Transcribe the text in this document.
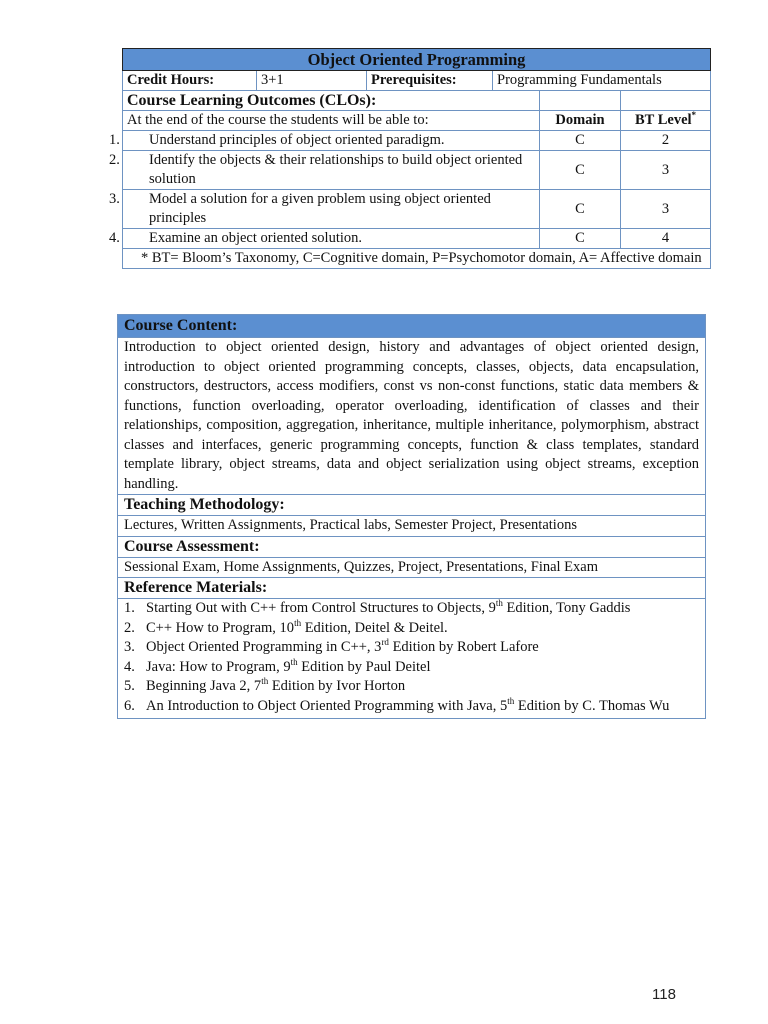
Object Oriented Programming					
Credit Hours:	3+1	Prerequisites:	Programming Fundamentals		
Course Learning Outcomes (CLOs):					
At the end of the course the students will be able to:				Domain	BT Level*

1. Understand principles of object oriented paradigm.				C	2

2. Identify the objects & their relationships to build object oriented solution				C	3

3. Model a solution for a given problem using object oriented principles				C	3

4. Examine an object oriented solution.				C	4
* BT= Bloom’s Taxonomy, C=Cognitive domain, P=Psychomotor domain, A= Affective domain					
Course Content:
Introduction to object oriented design, history and advantages of object oriented design, introduction to object oriented programming concepts, classes, objects, data encapsulation, constructors, destructors, access modifiers, const vs non-const functions, static data members & functions, function overloading, operator overloading, identification of classes and their relationships, composition, aggregation, inheritance, multiple inheritance, polymorphism, abstract classes and interfaces, generic programming concepts, function & class templates, standard template library, object streams, data and object serialization using object streams, exception handling.
Teaching Methodology:
Lectures, Written Assignments, Practical labs, Semester Project, Presentations
Course Assessment:
Sessional Exam, Home Assignments, Quizzes, Project, Presentations, Final Exam
Reference Materials:

1. Starting Out with C++ from Control Structures to Objects, 9th Edition, Tony Gaddis
2. C++ How to Program, 10th Edition, Deitel & Deitel.
3. Object Oriented Programming in C++, 3rd Edition by Robert Lafore
4. Java: How to Program, 9th Edition by Paul Deitel
5. Beginning Java 2, 7th Edition by Ivor Horton
6. An Introduction to Object Oriented Programming with Java, 5th Edition by C. Thomas Wu
118
